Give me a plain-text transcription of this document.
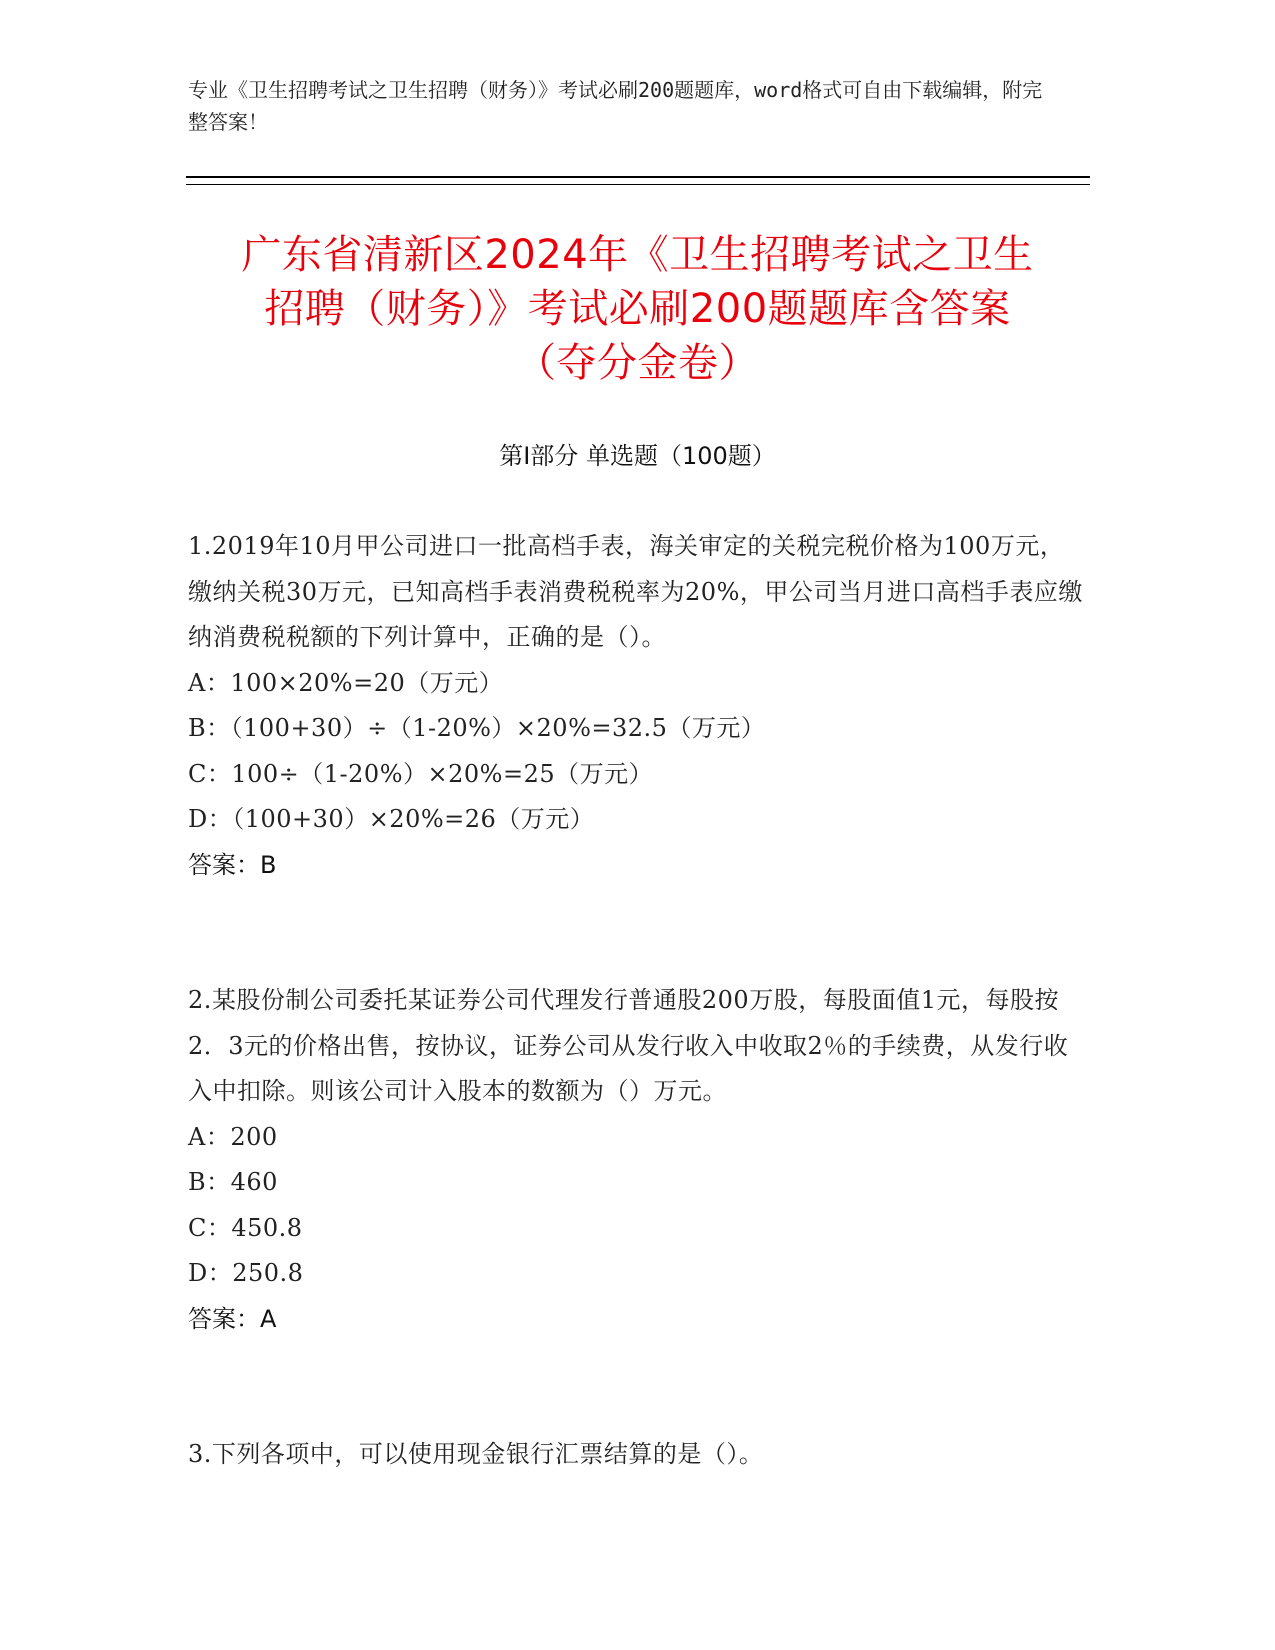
专业《卫生招聘考试之卫生招聘（财务）》考试必刷200题题库，word格式可自由下载编辑，附完整答案！
广东省清新区2024年《卫生招聘考试之卫生
招聘（财务）》考试必刷200题题库含答案
（夺分金卷）
第Ⅰ部分 单选题（100题）
1.2019年10月甲公司进口一批高档手表，海关审定的关税完税价格为100万元，缴纳关税30万元，已知高档手表消费税税率为20%，甲公司当月进口高档手表应缴纳消费税税额的下列计算中，正确的是（）。
A：100×20%=20（万元）
B：（100+30）÷（1-20%）×20%=32.5（万元）
C：100÷（1-20%）×20%=25（万元）
D：（100+30）×20%=26（万元）
答案：B
2.某股份制公司委托某证券公司代理发行普通股200万股，每股面值1元，每股按2．3元的价格出售，按协议，证券公司从发行收入中收取2％的手续费，从发行收入中扣除。则该公司计入股本的数额为（）万元。
A：200
B：460
C：450.8
D：250.8
答案：A
3.下列各项中，可以使用现金银行汇票结算的是（）。
